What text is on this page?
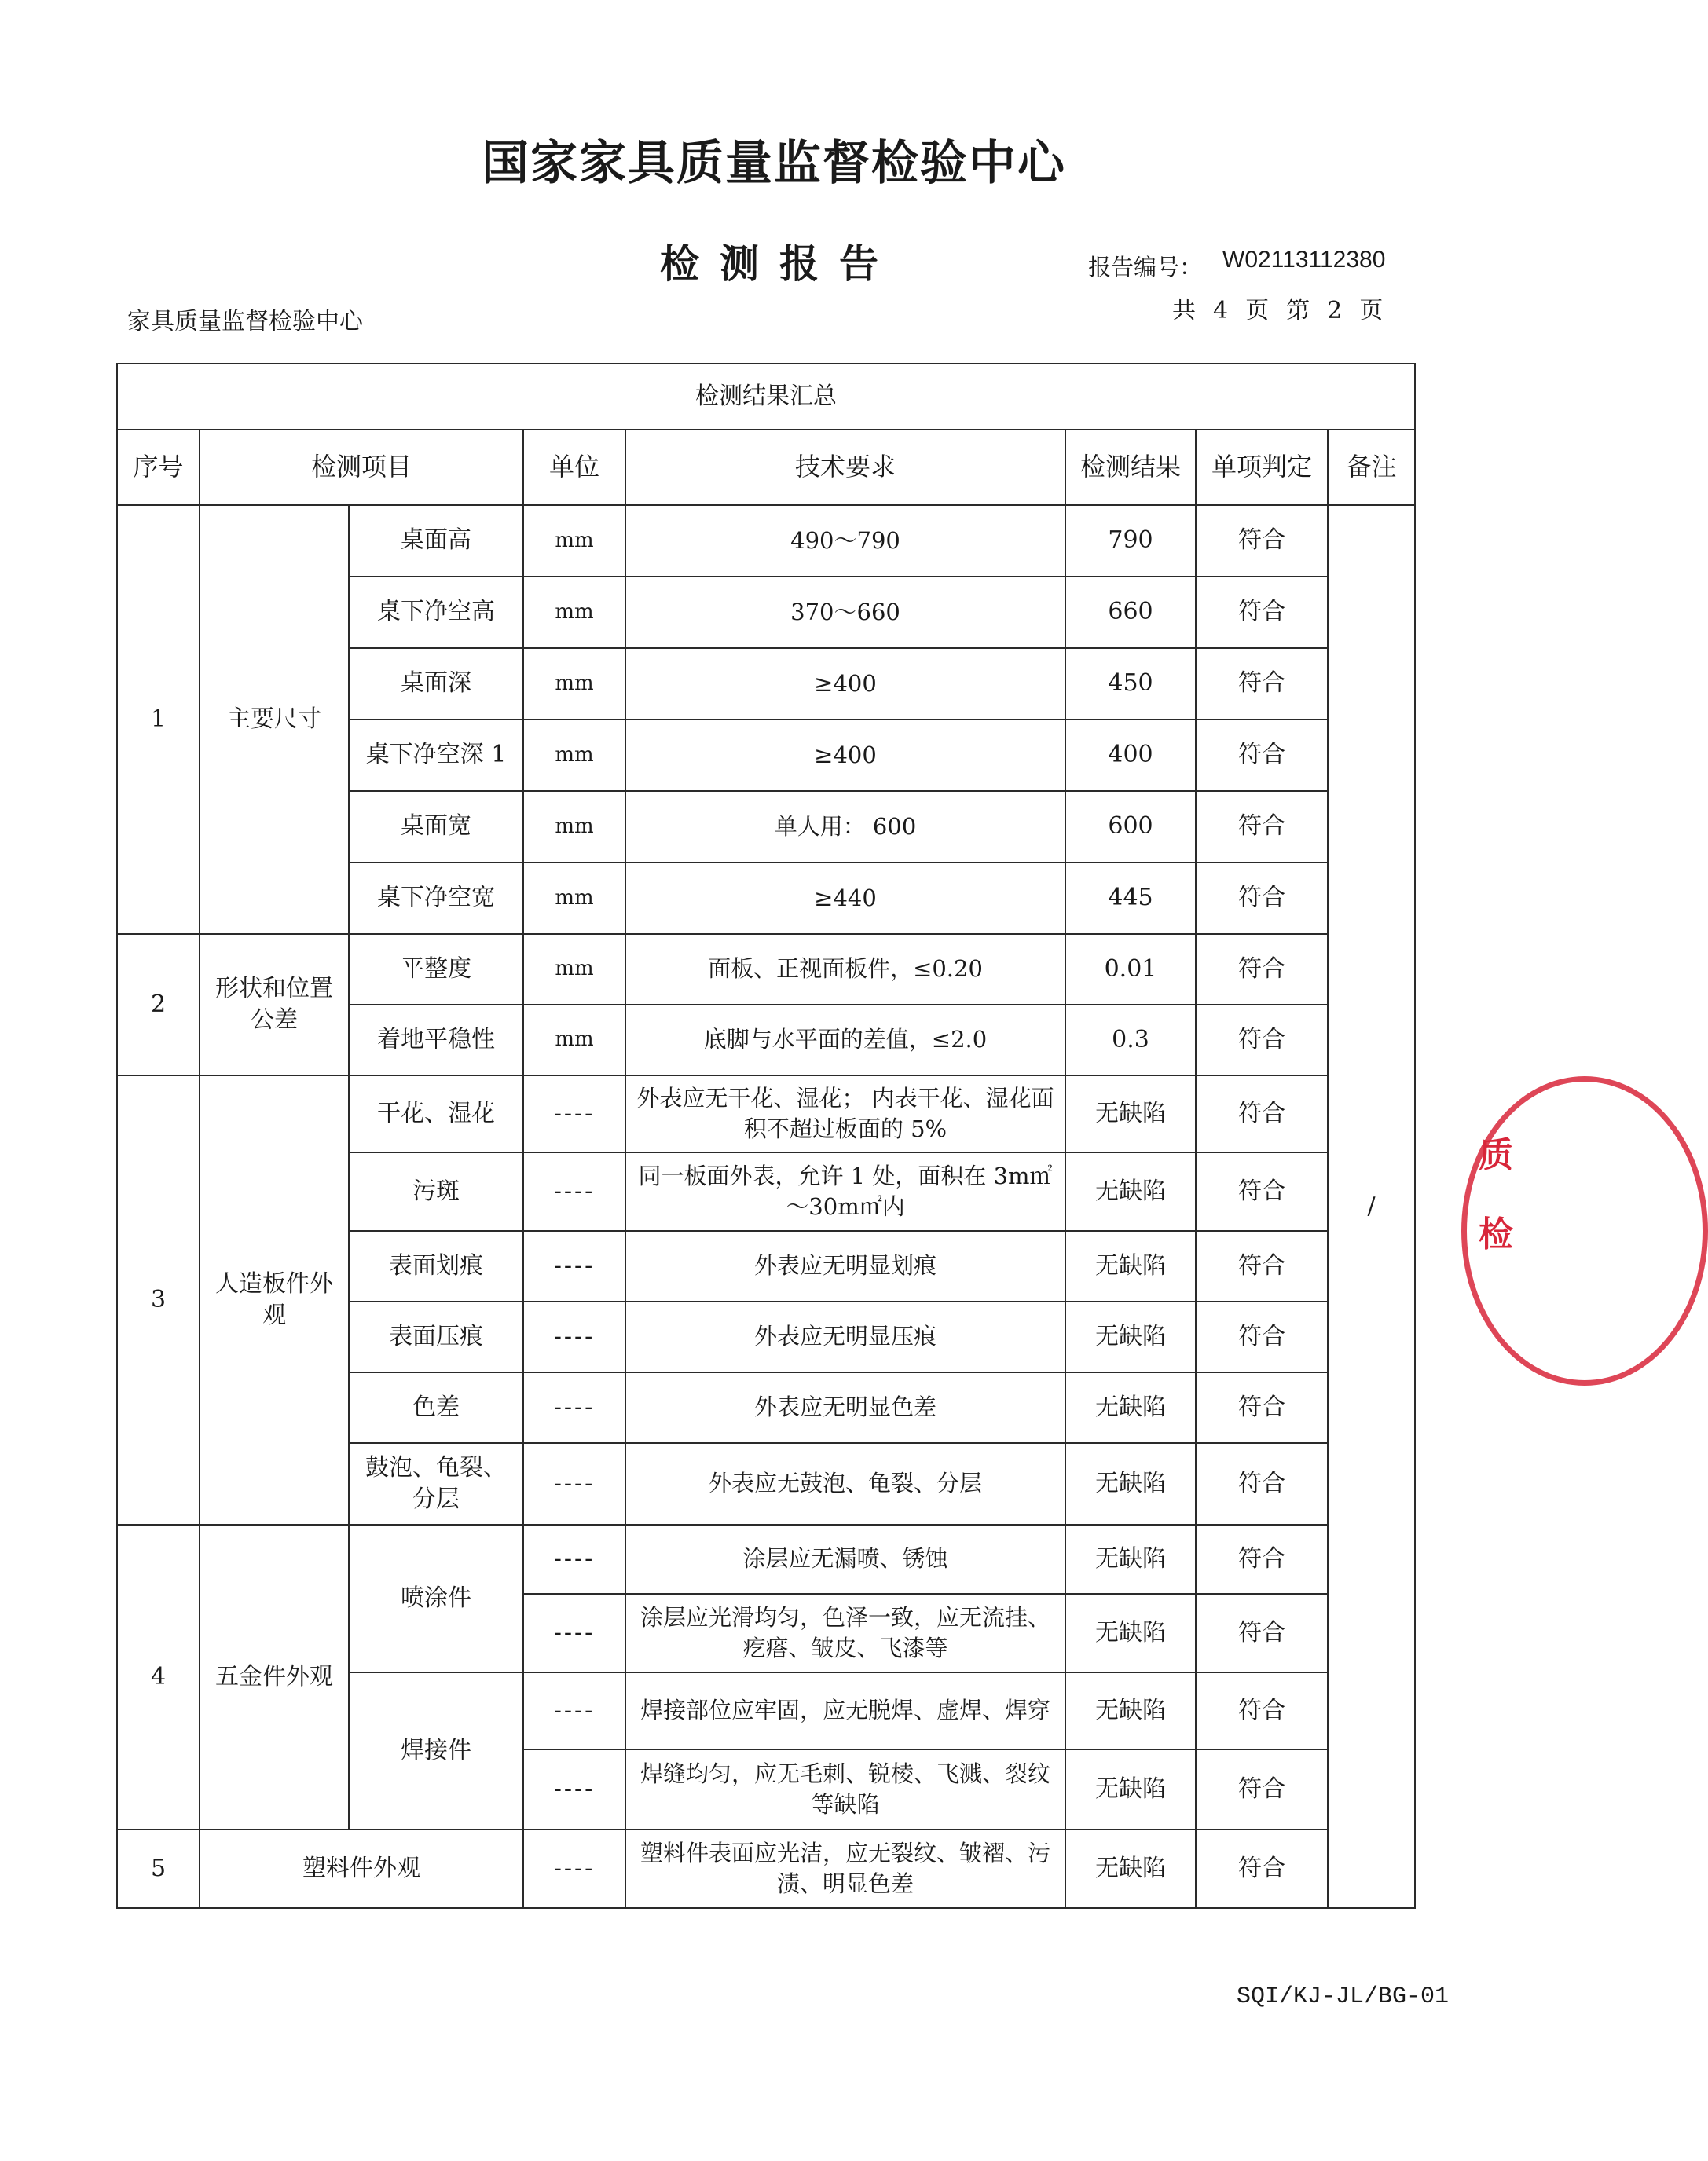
国家家具质量监督检验中心
检测报告	报告编号： W02113112380
共 4 页 第 2 页
家具质量监督检验中心
检测结果汇总							
序号	检测项目		单位	技术要求	检测结果	单项判定	备注
1	主要尺寸	桌面高	mm	490～790	790	符合	/
		桌下净空高	mm	370～660	660	符合	
		桌面深	mm	≥400	450	符合	
		桌下净空深 1	mm	≥400	400	符合	
		桌面宽	mm	单人用： 600	600	符合	
		桌下净空宽	mm	≥440	445	符合	
2	形状和位置公差	平整度	mm	面板、正视面板件，≤0.20	0.01	符合	
		着地平稳性	mm	底脚与水平面的差值，≤2.0	0.3	符合	
3	人造板件外观	干花、湿花	----	外表应无干花、湿花； 内表干花、湿花面积不超过板面的 5%	无缺陷	符合	
		污斑	----	同一板面外表，允许 1 处，面积在 3m㎡～30m㎡内	无缺陷	符合	
		表面划痕	----	外表应无明显划痕	无缺陷	符合	
		表面压痕	----	外表应无明显压痕	无缺陷	符合	
		色差	----	外表应无明显色差	无缺陷	符合	
		鼓泡、龟裂、分层	----	外表应无鼓泡、龟裂、分层	无缺陷	符合	
4	五金件外观	喷涂件	----	涂层应无漏喷、锈蚀	无缺陷	符合	
			----	涂层应光滑均匀，色泽一致，应无流挂、疙瘩、皱皮、飞漆等	无缺陷	符合	
		焊接件	----	焊接部位应牢固，应无脱焊、虚焊、焊穿	无缺陷	符合	
			----	焊缝均匀，应无毛刺、锐棱、飞溅、裂纹等缺陷	无缺陷	符合	
5	塑料件外观		----	塑料件表面应光洁，应无裂纹、皱褶、污渍、明显色差	无缺陷	符合	
SQI/KJ-JL/BG-01
质检
